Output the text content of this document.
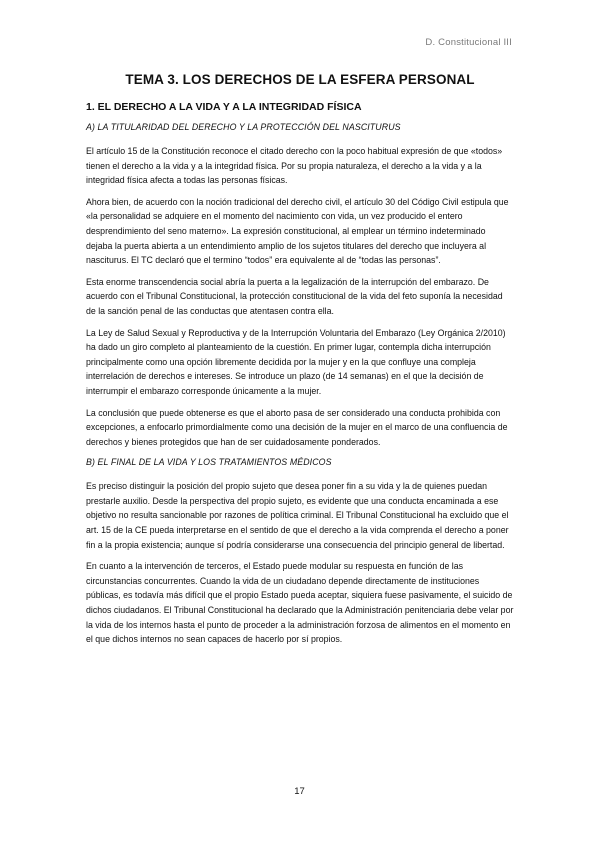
D. Constitucional III
TEMA 3. LOS DERECHOS DE LA ESFERA PERSONAL
1. EL DERECHO A LA VIDA Y A LA INTEGRIDAD FÍSICA
A) LA TITULARIDAD DEL DERECHO Y LA PROTECCIÓN DEL NASCITURUS

El artículo 15 de la Constitución reconoce el citado derecho con la poco habitual expresión de que «todos» tienen el derecho a la vida y a la integridad física. Por su propia naturaleza, el derecho a la vida y a la integridad física afecta a todas las personas físicas.

Ahora bien, de acuerdo con la noción tradicional del derecho civil, el artículo 30 del Código Civil estipula que «la personalidad se adquiere en el momento del nacimiento con vida, un vez producido el entero desprendimiento del seno materno». La expresión constitucional, al emplear un término indeterminado dejaba la puerta abierta a un entendimiento amplio de los sujetos titulares del derecho que incluyera al nasciturus. El TC declaró que el termino “todos” era equivalente al de “todas las personas”.

Esta enorme transcendencia social abría la puerta a la legalización de la interrupción del embarazo. De acuerdo con el Tribunal Constitucional, la protección constitucional de la vida del feto suponía la necesidad de la sanción penal de las conductas que atentasen contra ella.

La Ley de Salud Sexual y Reproductiva y de la Interrupción Voluntaria del Embarazo (Ley Orgánica 2/2010) ha dado un giro completo al planteamiento de la cuestión. En primer lugar, contempla dicha interrupción principalmente como una opción libremente decidida por la mujer y en la que confluye una compleja interrelación de derechos e intereses. Se introduce un plazo (de 14 semanas) en el que la decisión de interrumpir el embarazo corresponde únicamente a la mujer.

La conclusión que puede obtenerse es que el aborto pasa de ser considerado una conducta prohibida con excepciones, a enfocarlo primordialmente como una decisión de la mujer en el marco de una confluencia de derechos y bienes protegidos que han de ser cuidadosamente ponderados.

B) EL FINAL DE LA VIDA Y LOS TRATAMIENTOS MÉDICOS

Es preciso distinguir la posición del propio sujeto que desea poner fin a su vida y la de quienes puedan prestarle auxilio. Desde la perspectiva del propio sujeto, es evidente que una conducta encaminada a ese objetivo no resulta sancionable por razones de política criminal. El Tribunal Constitucional ha excluido que el art. 15 de la CE pueda interpretarse en el sentido de que el derecho a la vida comprenda el derecho a poner fin a la propia existencia; aunque sí podría considerarse una consecuencia del principio general de libertad.

En cuanto a la intervención de terceros, el Estado puede modular su respuesta en función de las circunstancias concurrentes. Cuando la vida de un ciudadano depende directamente de instituciones públicas, es todavía más difícil que el propio Estado pueda aceptar, siquiera fuese pasivamente, el suicido de dichos ciudadanos. El Tribunal Constitucional ha declarado que la Administración penitenciaria debe velar por la vida de los internos hasta el punto de proceder a la administración forzosa de alimentos en el momento en el que dichos internos no sean capaces de hacerlo por sí propios.

17
